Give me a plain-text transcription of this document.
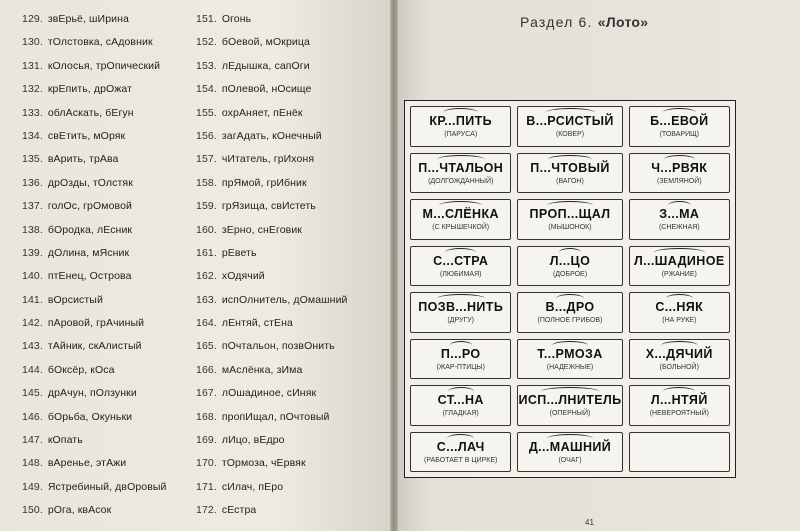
129. звЕрьё, шИрина
130. тОлстовка, сАдовник
131. кОлосья, трОпический
132. крЕпить, дрОжат
133. облАскать, бЕгун
134. свЕтить, мОряк
135. вАрить, трАва
136. дрОзды, тОлстяк
137. голОс, грОмовой
138. бОродка, лЕсник
139. дОлина, мЯсник
140. птЕнец, Острова
141. вОрсистый
142. пАровой, грАчиный
143. тАйник, скАлистый
144. бОксёр, кОса
145. дрАчун, пОлзунки
146. бОрьба, Окуньки
147. кОпать
148. вАренье, этАжи
149. Ястребиный, двОровый
150. рОга, квАсок
151. Огонь
152. бОевой, мОкрица
153. лЕдышка, сапОги
154. пОлевой, нОсище
155. охрАняет, пЕнёк
156. загАдать, кОнечный
157. чИтатель, грИхоня
158. прЯмой, грИбник
159. грЯзища, свИстеть
160. зЕрно, снЕговик
161. рЕветь
162. хОдячий
163. испОлнитель, дОмашний
164. лЕнтяй, стЕна
165. пОчтальон, позвОнить
166. мАслёнка, зИма
167. лОшадиное, сИняк
168. пропИщал, пОчтовый
169. лИцо, вЕдро
170. тОрмоза, чЕрвяк
171. сИлач, пЕро
172. сЕстра
Раздел 6. «Лото»
КР...ПИТЬ
(ПАРУСА)
В...РСИСТЫЙ
(КОВЕР)
Б...ЕВОЙ
(ТОВАРИЩ)
П...ЧТАЛЬОН
(ДОЛГОЖДАННЫЙ)
П...ЧТОВЫЙ
(ВАГОН)
Ч...РВЯК
(ЗЕМЛЯНОЙ)
М...СЛЁНКА
(С КРЫШЕЧКОЙ)
ПРОП...ЩАЛ
(МЫШОНОК)
З...МА
(СНЕЖНАЯ)
С...СТРА
(ЛЮБИМАЯ)
Л...ЦО
(ДОБРОЕ)
Л...ШАДИНОЕ
(РЖАНИЕ)
ПОЗВ...НИТЬ
(ДРУГУ)
В...ДРО
(ПОЛНОЕ ГРИБОВ)
С...НЯК
(НА РУКЕ)
П...РО
(ЖАР-ПТИЦЫ)
Т...РМОЗА
(НАДЕЖНЫЕ)
Х...ДЯЧИЙ
(БОЛЬНОЙ)
СТ...НА
(ГЛАДКАЯ)
ИСП...ЛНИТЕЛЬ
(ОПЕРНЫЙ)
Л...НТЯЙ
(НЕВЕРОЯТНЫЙ)
С...ЛАЧ
(РАБОТАЕТ В ЦИРКЕ)
Д...МАШНИЙ
(ОЧАГ)
41
